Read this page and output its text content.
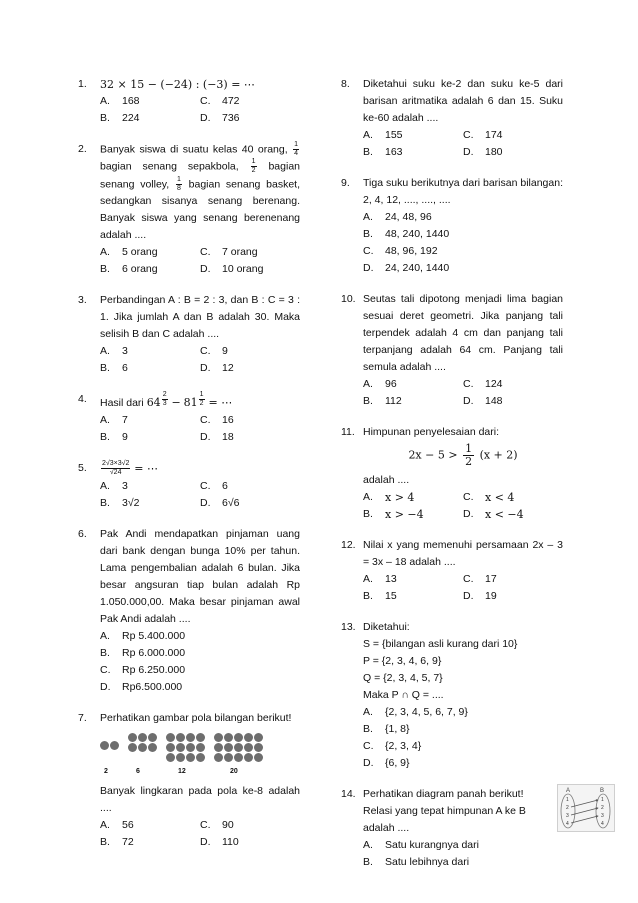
1. 32 × 15 − (−24) : (−3) = ⋯
A.	168	C.	472
B.	224	D.	736
2. Banyak siswa di suatu kelas 40 orang, $\frac{1}{4}$
bagian senang sepakbola, $\frac{1}{2}$ bagian senang volley, $\frac{1}{8}$ bagian senang basket, sedangkan sisanya senang berenang. Banyak siswa yang senang berenenang adalah ....
A.	5 orang	C.	7 orang
B.	6 orang	D.	10 orang
3. Perbandingan A : B = 2 : 3, dan B : C = 3 : 1. Jika jumlah A dan B adalah 30. Maka selisih B dan C adalah ....
A.	3	C.	9
B.	6	D.	12
4. Hasil dari 64 $^{\frac{2}{3}}$ − 81 $^{\frac{1}{2}}$ = ⋯
A.	7	C.	16
B.	9	D.	18
5. $\frac{2√3\times 3√2}{√24}$ = ⋯
A.	3	C.	6
B.	3√2	D.	6√6
6. Pak Andi mendapatkan pinjaman uang dari bank dengan bunga 10% per tahun. Lama pengembalian adalah 6 bulan. Jika besar angsuran tiap bulan adalah Rp 1.050.000,00. Maka besar pinjaman awal Pak Andi adalah ....
A.	Rp 5.400.000
B.	Rp 6.000.000
C.	Rp 6.250.000
D.	Rp6.500.000
7. Perhatikan gambar pola bilangan berikut!
2	6	12	20
Banyak lingkaran pada pola ke-8 adalah ....
A.	56	C.	90
B.	72	D.	110
8. Diketahui suku ke-2 dan suku ke-5 dari barisan aritmatika adalah 6 dan 15. Suku ke-60 adalah ....
A.	155	C.	174
B.	163	D.	180
9. Tiga suku berikutnya dari barisan bilangan: 2, 4, 12, ...., ...., ....
A.	24, 48, 96
B.	48, 240, 1440
C.	48, 96, 192
D.	24, 240, 1440
10. Seutas tali dipotong menjadi lima bagian sesuai deret geometri. Jika panjang tali terpendek adalah 4 cm dan panjang tali terpanjang adalah 64 cm. Panjang tali semula adalah ....
A.	96	C.	124
B.	112	D.	148
11. Himpunan penyelesaian dari:
$2x - 5 > \frac{1}{2} (x + 2)$
adalah ....
A.	x > 4	C.	x < 4
B.	x > −4	D.	x < −4
12. Nilai x yang memenuhi persamaan 2x – 3 = 3x – 18 adalah ....
A.	13	C.	17
B.	15	D.	19
13. Diketahui:
S = {bilangan asli kurang dari 10}
P = {2, 3, 4, 6, 9}
Q = {2, 3, 4, 5, 7}
Maka P ∩ Q = ....
A.	{2, 3, 4, 5, 6, 7, 9}
B.	{1, 8}
C.	{2, 3, 4}
D.	{6, 9}
14. Perhatikan diagram panah berikut!
Relasi yang tepat himpunan A ke B
adalah ....
A.	Satu kurangnya dari
B.	Satu lebihnya dari
A	B
1
2
3
4
1
2
3
4
